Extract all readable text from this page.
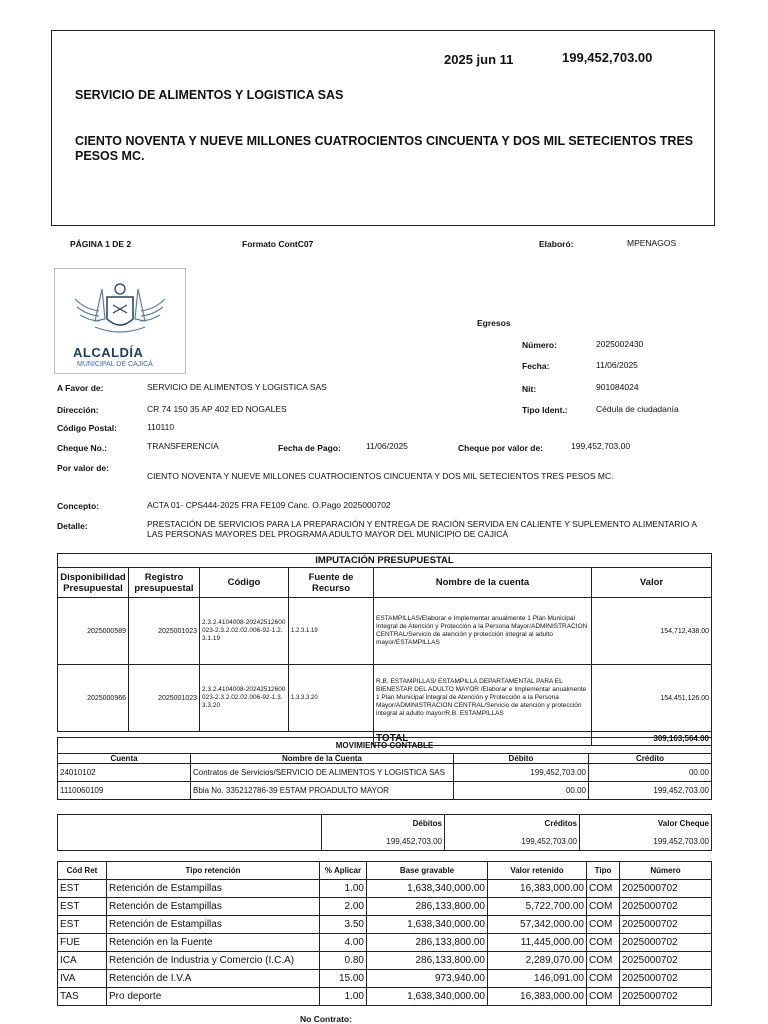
2025 jun 11	199,452,703.00
SERVICIO DE ALIMENTOS Y LOGISTICA SAS
CIENTO NOVENTA Y NUEVE MILLONES CUATROCIENTOS CINCUENTA Y DOS MIL SETECIENTOS TRES PESOS MC.
PÁGINA 1 DE 2	Formato ContC07	Elaboró:	MPENAGOS
ALCALDÍA
MUNICIPAL DE CAJICÁ
Egresos
Número:	2025002430
Fecha:	11/06/2025
Nit:	901084024
Tipo Ident.:	Cédula de ciudadanía
A Favor de:	SERVICIO DE ALIMENTOS Y LOGISTICA SAS
Dirección:	CR 74 150 35 AP 402 ED NOGALES
Código Postal:	110110
Cheque No.:	TRANSFERENCIA	Fecha de Pago:	11/06/2025	Cheque por valor de:	199,452,703.00
Por valor de:
CIENTO NOVENTA Y NUEVE MILLONES CUATROCIENTOS CINCUENTA Y DOS MIL SETECIENTOS TRES PESOS MC.
Concepto:	ACTA 01- CPS444-2025 FRA FE109 Canc. O.Pago 2025000702
Detalle:	PRESTACIÓN DE SERVICIOS PARA LA PREPARACIÓN Y ENTREGA DE RACIÓN SERVIDA EN CALIENTE Y SUPLEMENTO ALIMENTARIO A LAS PERSONAS MAYORES DEL PROGRAMA ADULTO MAYOR DEL MUNICIPIO DE CAJICÁ
IMPUTACIÓN PRESUPUESTAL					
Disponibilidad Presupuestal	Registro presupuestal	Código	Fuente de Recurso	Nombre de la cuenta	Valor
2025000589	2025001023	2.3.2.4104008-20242512600023-2.3.2.02.02.006-92-1.2.3.1.19	1.2.3.1.19	ESTAMPILLAS/Elaborar e Implementar anualmente 1 Plan Municipal Integral de Atención y Protección a la Persona Mayor/ADMINISTRACION CENTRAL/Servicio de atención y protección integral al adulto mayor/ESTAMPILLAS	154,712,438.00
2025000966	2025001023	2.3.2.4104008-20242512600023-2.3.2.02.02.006-92-1.3.3.3.20	1.3.3.3.20	R.B. ESTAMPILLAS/ ESTAMPILLA DEPARTAMENTAL PARA EL BIENESTAR DEL ADULTO MAYOR /Elaborar e Implementar anualmente 1 Plan Municipal Integral de Atención y Protección a la Persona Mayor/ADMINISTRACION CENTRAL/Servicio de atención y protección integral al adulto mayor/R.B. ESTAMPILLAS	154,451,126.00
				TOTAL	309,163,564.00
MOVIMIENTO CONTABLE			
Cuenta	Nombre de la Cuenta	Débito	Crédito
24010102	Contratos de Servicios/SERVICIO DE ALIMENTOS Y LOGISTICA SAS	199,452,703.00	00.00
1110060109	Bbia No. 335212786-39 ESTAM PROADULTO MAYOR	00.00	199,452,703.00
	Débitos	Créditos	Valor Cheque
	199,452,703.00	199,452,703.00	199,452,703.00
Cód Ret	Tipo retención	% Aplicar	Base gravable	Valor retenido	Tipo	Número
EST	Retención de Estampillas	1.00	1,638,340,000.00	16,383,000.00	COM	2025000702
EST	Retención de Estampillas	2.00	286,133,800.00	5,722,700.00	COM	2025000702
EST	Retención de Estampillas	3.50	1,638,340,000.00	57,342,000.00	COM	2025000702
FUE	Retención en la Fuente	4.00	286,133,800.00	11,445,000.00	COM	2025000702
ICA	Retención de Industria y Comercio (I.C.A)	0.80	286,133,800.00	2,289,070.00	COM	2025000702
IVA	Retención de I.V.A	15.00	973,940.00	146,091.00	COM	2025000702
TAS	Pro deporte	1.00	1,638,340,000.00	16,383,000.00	COM	2025000702
No Contrato:
